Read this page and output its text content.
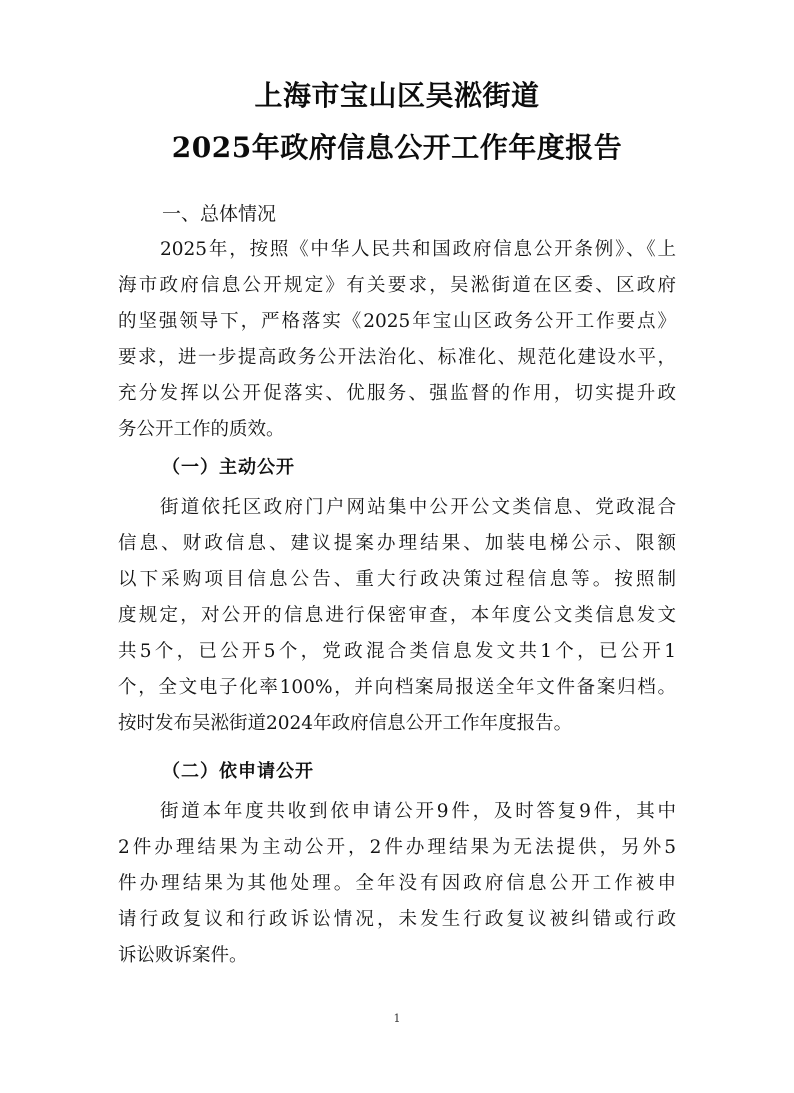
上海市宝山区吴淞街道
2025年政府信息公开工作年度报告
一、总体情况
2025年，按照《中华人民共和国政府信息公开条例》、《上
海市政府信息公开规定》有关要求，吴淞街道在区委、区政府
的坚强领导下，严格落实《2025年宝山区政务公开工作要点》
要求，进一步提高政务公开法治化、标准化、规范化建设水平，
充分发挥以公开促落实、优服务、强监督的作用，切实提升政
务公开工作的质效。
（一）主动公开
街道依托区政府门户网站集中公开公文类信息、党政混合
信息、财政信息、建议提案办理结果、加装电梯公示、限额
以下采购项目信息公告、重大行政决策过程信息等。按照制
度规定，对公开的信息进行保密审查，本年度公文类信息发文
共5个，已公开5个，党政混合类信息发文共1个，已公开1
个，全文电子化率100%，并向档案局报送全年文件备案归档。
按时发布吴淞街道2024年政府信息公开工作年度报告。
（二）依申请公开
街道本年度共收到依申请公开9件，及时答复9件，其中
2件办理结果为主动公开，2件办理结果为无法提供，另外5
件办理结果为其他处理。全年没有因政府信息公开工作被申
请行政复议和行政诉讼情况，未发生行政复议被纠错或行政
诉讼败诉案件。
1
